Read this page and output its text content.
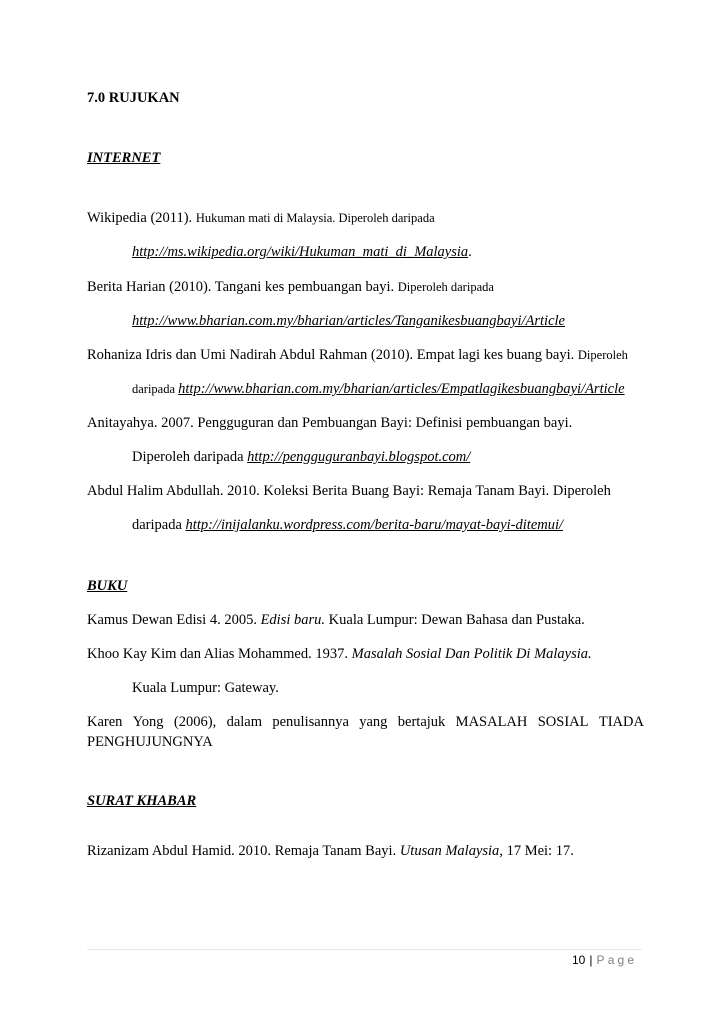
7.0 RUJUKAN
INTERNET
Wikipedia (2011). Hukuman mati di Malaysia. Diperoleh daripada
http://ms.wikipedia.org/wiki/Hukuman_mati_di_Malaysia.
Berita Harian (2010). Tangani kes pembuangan bayi. Diperoleh daripada
http://www.bharian.com.my/bharian/articles/Tanganikesbuangbayi/Article
Rohaniza Idris dan Umi Nadirah Abdul Rahman (2010). Empat lagi kes buang bayi. Diperoleh
daripada http://www.bharian.com.my/bharian/articles/Empatlagikesbuangbayi/Article
Anitayahya. 2007. Pengguguran dan Pembuangan Bayi: Definisi pembuangan bayi.
Diperoleh daripada http://pengguguranbayi.blogspot.com/
Abdul Halim Abdullah. 2010. Koleksi Berita Buang Bayi: Remaja Tanam Bayi. Diperoleh
daripada http://inijalanku.wordpress.com/berita-baru/mayat-bayi-ditemui/
BUKU
Kamus Dewan Edisi 4. 2005. Edisi baru. Kuala Lumpur: Dewan Bahasa dan Pustaka.
Khoo Kay Kim dan Alias Mohammed. 1937. Masalah Sosial Dan Politik Di Malaysia.
Kuala Lumpur: Gateway.
Karen Yong (2006), dalam penulisannya yang bertajuk MASALAH SOSIAL TIADA
PENGHUJUNGNYA
SURAT KHABAR
Rizanizam Abdul Hamid. 2010. Remaja Tanam Bayi. Utusan Malaysia, 17 Mei: 17.
10 | Page
